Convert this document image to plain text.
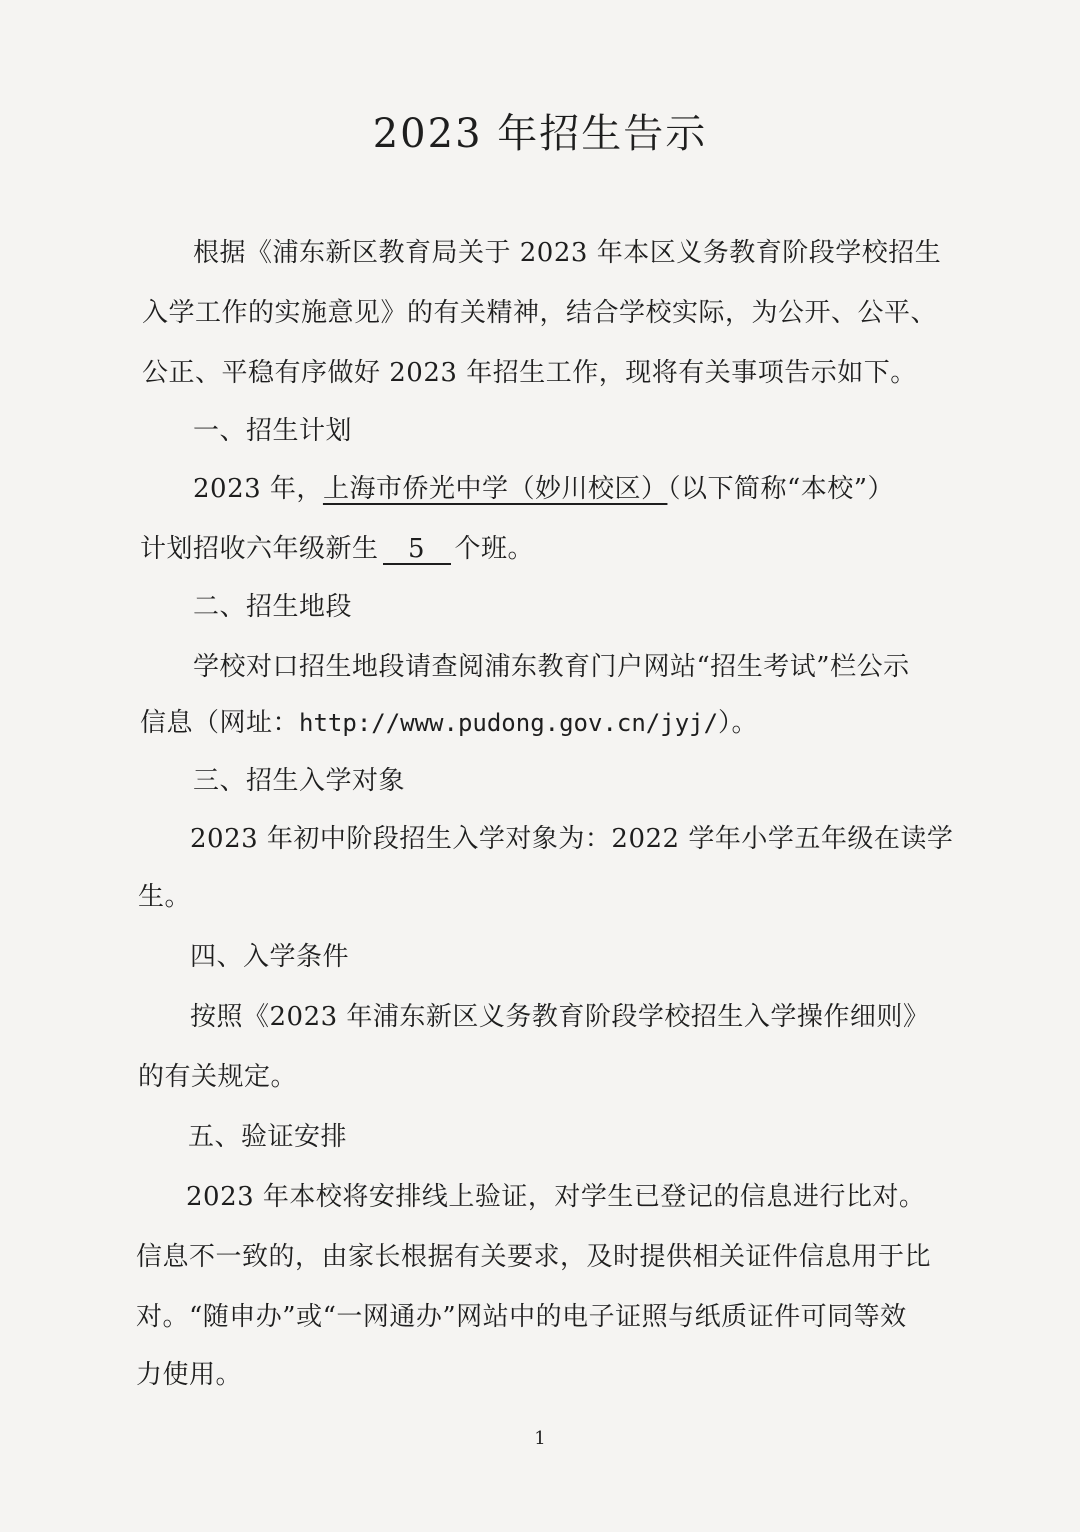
2023 年招生告示
根据《浦东新区教育局关于 2023 年本区义务教育阶段学校招生
入学工作的实施意见》的有关精神，结合学校实际，为公开、公平、
公正、平稳有序做好 2023 年招生工作，现将有关事项告示如下。
一、招生计划
2023 年，上海市侨光中学（妙川校区）（以下简称“本校”）
计划招收六年级新生 5 个班。
二、招生地段
学校对口招生地段请查阅浦东教育门户网站“招生考试”栏公示
信息（网址：http://www.pudong.gov.cn/jyj/）。
三、招生入学对象
2023 年初中阶段招生入学对象为：2022 学年小学五年级在读学
生。
四、入学条件
按照《2023 年浦东新区义务教育阶段学校招生入学操作细则》
的有关规定。
五、验证安排
2023 年本校将安排线上验证，对学生已登记的信息进行比对。
信息不一致的，由家长根据有关要求，及时提供相关证件信息用于比
对。“随申办”或“一网通办”网站中的电子证照与纸质证件可同等效
力使用。
1
